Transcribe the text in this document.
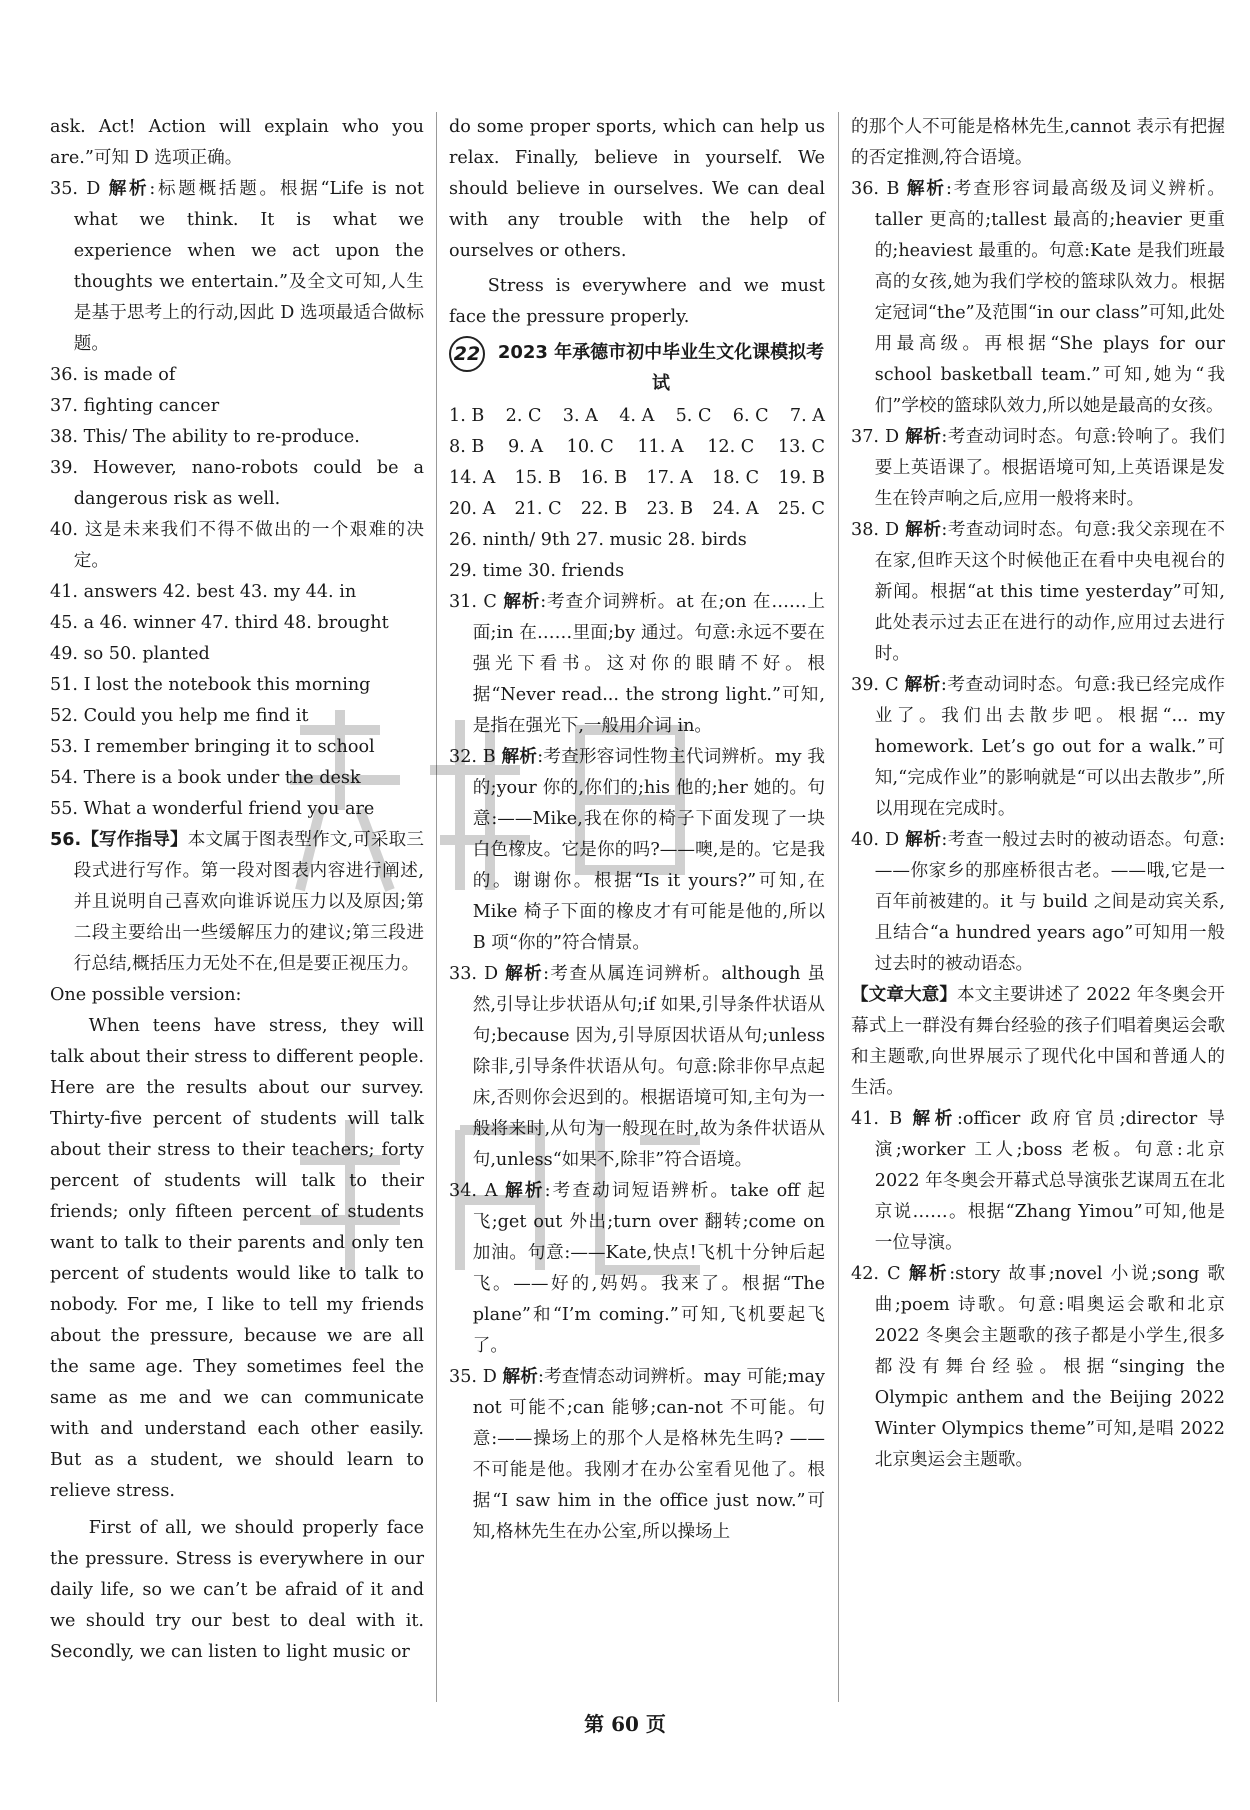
ask. Act! Action will explain who you are.”可知 D 选项正确。

35. D 解析:标题概括题。根据“Life is not what we think. It is what we experience when we act upon the thoughts we entertain.”及全文可知,人生是基于思考上的行动,因此 D 选项最适合做标题。

36. is made of

37. fighting cancer

38. This/ The ability to re-produce.

39. However, nano-robots could be a dangerous risk as well.

40. 这是未来我们不得不做出的一个艰难的决定。

41. answers 42. best 43. my 44. in

45. a 46. winner 47. third 48. brought

49. so 50. planted

51. I lost the notebook this morning

52. Could you help me find it

53. I remember bringing it to school

54. There is a book under the desk

55. What a wonderful friend you are

56.【写作指导】本文属于图表型作文,可采取三段式进行写作。第一段对图表内容进行阐述,并且说明自己喜欢向谁诉说压力以及原因;第二段主要给出一些缓解压力的建议;第三段进行总结,概括压力无处不在,但是要正视压力。

One possible version:

When teens have stress, they will talk about their stress to different people. Here are the results about our survey. Thirty-five percent of students will talk about their stress to their teachers; forty percent of students will talk to their friends; only fifteen percent of students want to talk to their parents and only ten percent of students would like to talk to nobody. For me, I like to tell my friends about the pressure, because we are all the same age. They sometimes feel the same as me and we can communicate with and understand each other easily. But as a student, we should learn to relieve stress.

First of all, we should properly face the pressure. Stress is everywhere in our daily life, so we can’t be afraid of it and we should try our best to deal with it. Secondly, we can listen to light music or

do some proper sports, which can help us relax. Finally, believe in yourself. We should believe in ourselves. We can deal with any trouble with the help of ourselves or others.

Stress is everywhere and we must face the pressure properly.

22 2023 年承德市初中毕业生文化课模拟考试
1. B 2. C 3. A 4. A 5. C 6. C 7. A
8. B 9. A 10. C 11. A 12. C 13. C
14. A 15. B 16. B 17. A 18. C 19. B
20. A 21. C 22. B 23. B 24. A 25. C

26. ninth/ 9th 27. music 28. birds

29. time 30. friends

31. C 解析:考查介词辨析。at 在;on 在……上面;in 在……里面;by 通过。句意:永远不要在强光下看书。这对你的眼睛不好。根据“Never read... the strong light.”可知,是指在强光下,一般用介词 in。

32. B 解析:考查形容词性物主代词辨析。my 我的;your 你的,你们的;his 他的;her 她的。句意:——Mike,我在你的椅子下面发现了一块白色橡皮。它是你的吗?——噢,是的。它是我的。谢谢你。根据“Is it yours?”可知,在 Mike 椅子下面的橡皮才有可能是他的,所以 B 项“你的”符合情景。

33. D 解析:考查从属连词辨析。although 虽然,引导让步状语从句;if 如果,引导条件状语从句;because 因为,引导原因状语从句;unless 除非,引导条件状语从句。句意:除非你早点起床,否则你会迟到的。根据语境可知,主句为一般将来时,从句为一般现在时,故为条件状语从句,unless“如果不,除非”符合语境。

34. A 解析:考查动词短语辨析。take off 起飞;get out 外出;turn over 翻转;come on 加油。句意:——Kate,快点!飞机十分钟后起飞。——好的,妈妈。我来了。根据“The plane”和“I’m coming.”可知,飞机要起飞了。

35. D 解析:考查情态动词辨析。may 可能;may not 可能不;can 能够;can-not 不可能。句意:——操场上的那个人是格林先生吗? ——不可能是他。我刚才在办公室看见他了。根据“I saw him in the office just now.”可知,格林先生在办公室,所以操场上

的那个人不可能是格林先生,cannot 表示有把握的否定推测,符合语境。

36. B 解析:考查形容词最高级及词义辨析。taller 更高的;tallest 最高的;heavier 更重的;heaviest 最重的。句意:Kate 是我们班最高的女孩,她为我们学校的篮球队效力。根据定冠词“the”及范围“in our class”可知,此处用最高级。再根据“She plays for our school basketball team.”可知,她为“我们”学校的篮球队效力,所以她是最高的女孩。

37. D 解析:考查动词时态。句意:铃响了。我们要上英语课了。根据语境可知,上英语课是发生在铃声响之后,应用一般将来时。

38. D 解析:考查动词时态。句意:我父亲现在不在家,但昨天这个时候他正在看中央电视台的新闻。根据“at this time yesterday”可知,此处表示过去正在进行的动作,应用过去进行时。

39. C 解析:考查动词时态。句意:我已经完成作业了。我们出去散步吧。根据“... my homework. Let’s go out for a walk.”可知,“完成作业”的影响就是“可以出去散步”,所以用现在完成时。

40. D 解析:考查一般过去时的被动语态。句意:——你家乡的那座桥很古老。——哦,它是一百年前被建的。it 与 build 之间是动宾关系,且结合“a hundred years ago”可知用一般过去时的被动语态。

【文章大意】本文主要讲述了 2022 年冬奥会开幕式上一群没有舞台经验的孩子们唱着奥运会歌和主题歌,向世界展示了现代化中国和普通人的生活。

41. B 解析:officer 政府官员;director 导演;worker 工人;boss 老板。句意:北京 2022 年冬奥会开幕式总导演张艺谋周五在北京说……。根据“Zhang Yimou”可知,他是一位导演。

42. C 解析:story 故事;novel 小说;song 歌曲;poem 诗歌。句意:唱奥运会歌和北京 2022 冬奥会主题歌的孩子都是小学生,很多都没有舞台经验。根据“singing the Olympic anthem and the Beijing 2022 Winter Olympics theme”可知,是唱 2022 北京奥运会主题歌。

第 60 页
